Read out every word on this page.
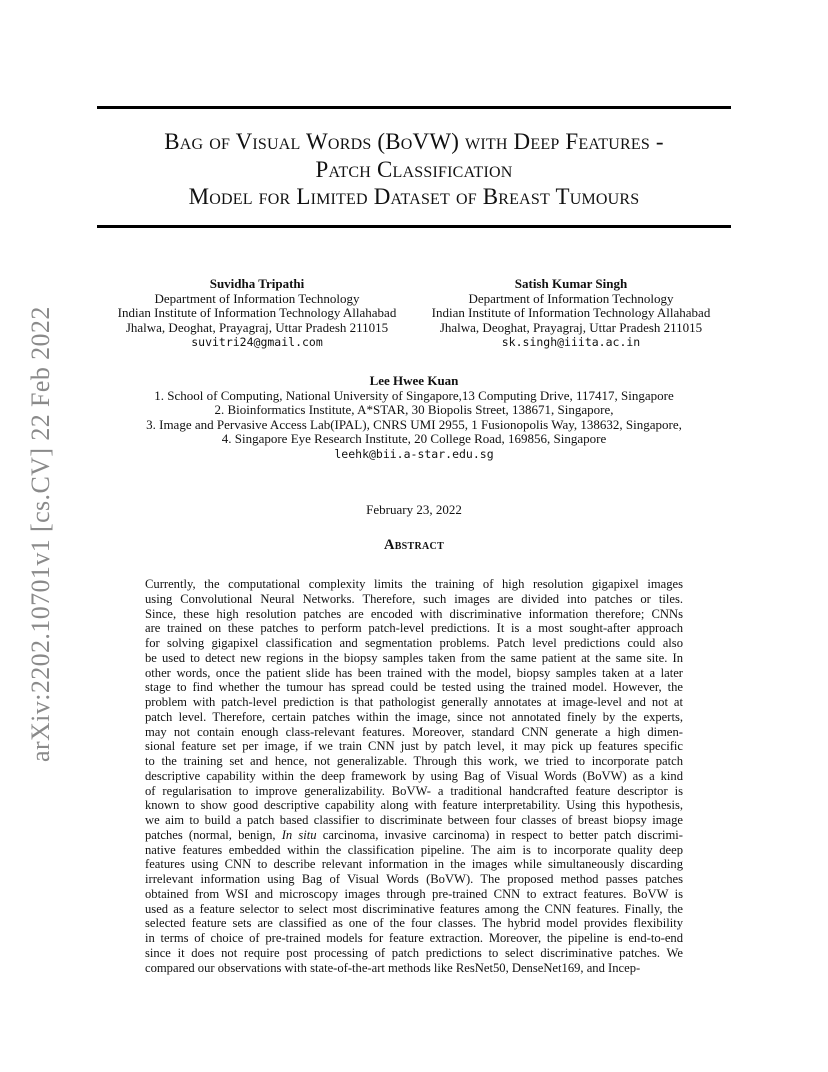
arXiv:2202.10701v1 [cs.CV] 22 Feb 2022
Bag of Visual Words (BoVW) with Deep Features -
Patch Classification
Model for Limited Dataset of Breast Tumours
Suvidha Tripathi
Department of Information Technology
Indian Institute of Information Technology Allahabad
Jhalwa, Deoghat, Prayagraj, Uttar Pradesh 211015
suvitri24@gmail.com
Satish Kumar Singh
Department of Information Technology
Indian Institute of Information Technology Allahabad
Jhalwa, Deoghat, Prayagraj, Uttar Pradesh 211015
sk.singh@iiita.ac.in
Lee Hwee Kuan
1. School of Computing, National University of Singapore,13 Computing Drive, 117417, Singapore
2. Bioinformatics Institute, A*STAR, 30 Biopolis Street, 138671, Singapore,
3. Image and Pervasive Access Lab(IPAL), CNRS UMI 2955, 1 Fusionopolis Way, 138632, Singapore,
4. Singapore Eye Research Institute, 20 College Road, 169856, Singapore
leehk@bii.a-star.edu.sg
February 23, 2022
Abstract
Currently, the computational complexity limits the training of high resolution gigapixel images
using Convolutional Neural Networks. Therefore, such images are divided into patches or tiles.
Since, these high resolution patches are encoded with discriminative information therefore; CNNs
are trained on these patches to perform patch-level predictions. It is a most sought-after approach
for solving gigapixel classification and segmentation problems. Patch level predictions could also
be used to detect new regions in the biopsy samples taken from the same patient at the same site. In
other words, once the patient slide has been trained with the model, biopsy samples taken at a later
stage to find whether the tumour has spread could be tested using the trained model. However, the
problem with patch-level prediction is that pathologist generally annotates at image-level and not at
patch level. Therefore, certain patches within the image, since not annotated finely by the experts,
may not contain enough class-relevant features. Moreover, standard CNN generate a high dimen-
sional feature set per image, if we train CNN just by patch level, it may pick up features specific
to the training set and hence, not generalizable. Through this work, we tried to incorporate patch
descriptive capability within the deep framework by using Bag of Visual Words (BoVW) as a kind
of regularisation to improve generalizability. BoVW- a traditional handcrafted feature descriptor is
known to show good descriptive capability along with feature interpretability. Using this hypothesis,
we aim to build a patch based classifier to discriminate between four classes of breast biopsy image
patches (normal, benign, In situ carcinoma, invasive carcinoma) in respect to better patch discrimi-
native features embedded within the classification pipeline. The aim is to incorporate quality deep
features using CNN to describe relevant information in the images while simultaneously discarding
irrelevant information using Bag of Visual Words (BoVW). The proposed method passes patches
obtained from WSI and microscopy images through pre-trained CNN to extract features. BoVW is
used as a feature selector to select most discriminative features among the CNN features. Finally, the
selected feature sets are classified as one of the four classes. The hybrid model provides flexibility
in terms of choice of pre-trained models for feature extraction. Moreover, the pipeline is end-to-end
since it does not require post processing of patch predictions to select discriminative patches. We
compared our observations with state-of-the-art methods like ResNet50, DenseNet169, and Incep-
